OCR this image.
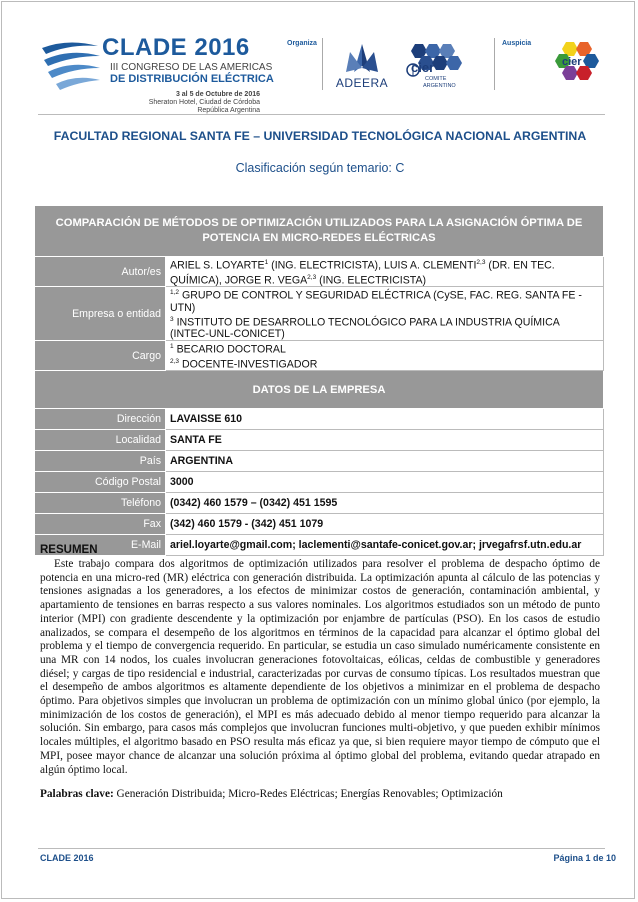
CLADE 2016
III CONGRESO DE LAS AMERICAS
DE DISTRIBUCIÓN ELÉCTRICA
3 al 5 de Octubre de 2016
Sheraton Hotel, Ciudad de Córdoba
República Argentina
Organiza
ADEERA
cier
COMITE
ARGENTINO
Auspicia
cier
FACULTAD REGIONAL SANTA FE – UNIVERSIDAD TECNOLÓGICA NACIONAL ARGENTINA
Clasificación según temario: C
COMPARACIÓN DE MÉTODOS DE OPTIMIZACIÓN UTILIZADOS PARA LA ASIGNACIÓN ÓPTIMA DE POTENCIA EN MICRO-REDES ELÉCTRICAS	
Autor/es	ARIEL S. LOYARTE$^1$ (ING. ELECTRICISTA), LUIS A. CLEMENTI$^{2,3}$ (DR. EN TEC. QUÍMICA), JORGE R. VEGA$^{2,3}$ (ING. ELECTRICISTA)
Empresa o entidad	$^{1,2}$ GRUPO DE CONTROL Y SEGURIDAD ELÉCTRICA (CySE, FAC. REG. SANTA FE - UTN)
$^3$ INSTITUTO DE DESARROLLO TECNOLÓGICO PARA LA INDUSTRIA QUÍMICA (INTEC-UNL-CONICET)

Cargo	$^1$ BECARIO DOCTORAL
$^{2,3}$ DOCENTE-INVESTIGADOR

DATOS DE LA EMPRESA	
Dirección	LAVAISSE 610
Localidad	SANTA FE
País	ARGENTINA
Código Postal	3000
Teléfono	(0342) 460 1579 – (0342) 451 1595
Fax	(342) 460 1579 - (342) 451 1079
E-Mail	ariel.loyarte@gmail.com; laclementi@santafe-conicet.gov.ar; jrvegafrsf.utn.edu.ar
RESUMEN
Este trabajo compara dos algoritmos de optimización utilizados para resolver el problema de despacho óptimo de potencia en una micro-red (MR) eléctrica con generación distribuida. La optimización apunta al cálculo de las potencias y tensiones asignadas a los generadores, a los efectos de minimizar costos de generación, contaminación ambiental, y apartamiento de tensiones en barras respecto a sus valores nominales. Los algoritmos estudiados son un método de punto interior (MPI) con gradiente descendente y la optimización por enjambre de partículas (PSO). En los casos de estudio analizados, se compara el desempeño de los algoritmos en términos de la capacidad para alcanzar el óptimo global del problema y el tiempo de convergencia requerido. En particular, se estudia un caso simulado numéricamente consistente en una MR con 14 nodos, los cuales involucran generaciones fotovoltaicas, eólicas, celdas de combustible y generadores diésel; y cargas de tipo residencial e industrial, caracterizadas por curvas de consumo típicas. Los resultados muestran que el desempeño de ambos algoritmos es altamente dependiente de los objetivos a minimizar en el problema de despacho óptimo. Para objetivos simples que involucran un problema de optimización con un mínimo global único (por ejemplo, la minimización de los costos de generación), el MPI es más adecuado debido al menor tiempo requerido para alcanzar la solución. Sin embargo, para casos más complejos que involucran funciones multi-objetivo, y que pueden exhibir mínimos locales múltiples, el algoritmo basado en PSO resulta más eficaz ya que, si bien requiere mayor tiempo de cómputo que el MPI, posee mayor chance de alcanzar una solución próxima al óptimo global del problema, evitando quedar atrapado en algún óptimo local.
Palabras clave: Generación Distribuida; Micro-Redes Eléctricas; Energías Renovables; Optimización
CLADE 2016	Página 1 de 10
